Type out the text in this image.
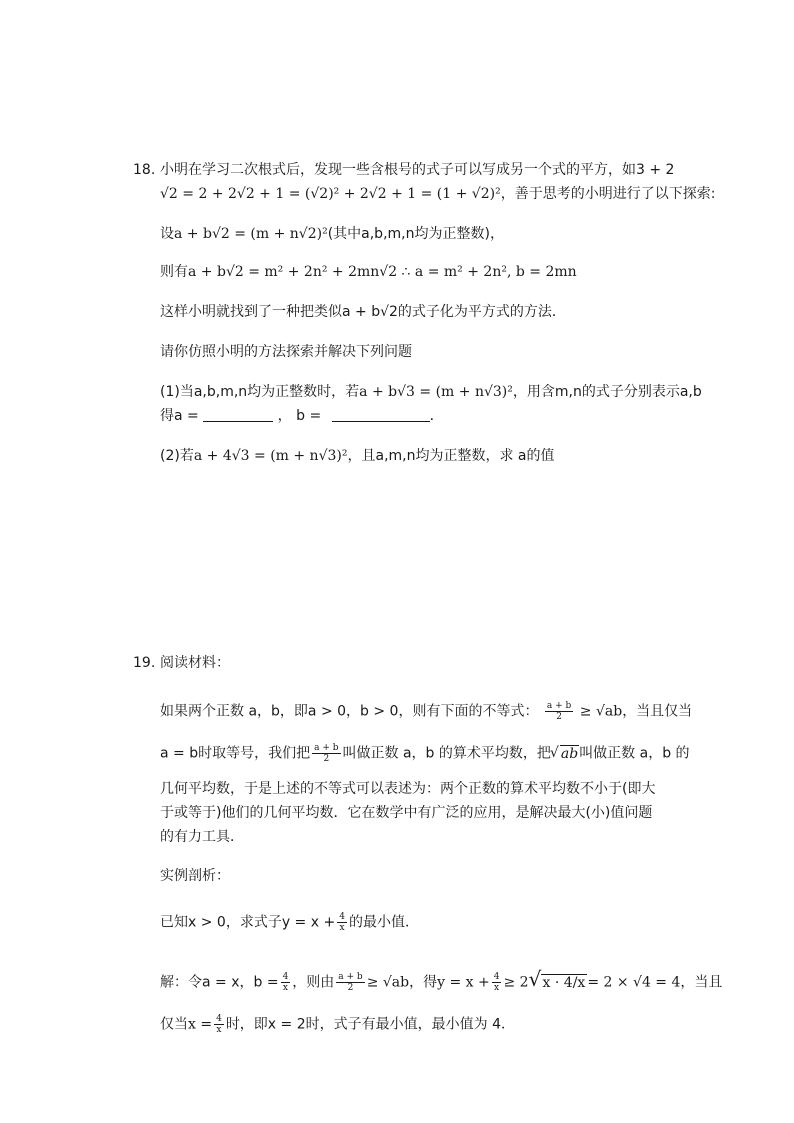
18. 小明在学习二次根式后，发现一些含根号的式子可以写成另一个式的平方，如3 + 2
√2 = 2 + 2√2 + 1 = (√2)² + 2√2 + 1 = (1 + √2)²，善于思考的小明进行了以下探索:
设a + b√2 = (m + n√2)²(其中a,b,m,n均为正整数)，
则有a + b√2 = m² + 2n² + 2mn√2 ∴ a = m² + 2n², b = 2mn
这样小明就找到了一种把类似a + b√2的式子化为平方式的方法．
请你仿照小明的方法探索并解决下列问题
(1)当a,b,m,n均为正整数时，若a + b√3 = (m + n√3)²，用含m,n的式子分别表示a,b
得a =	， b =	．
(2)若a + 4√3 = (m + n√3)²，且a,m,n均为正整数，求 a的值
19. 阅读材料：
如果两个正数 a，b，即a > 0，b > 0，则有下面的不等式： $\frac{a + b}{2} \ge √ab$，当且仅当
a = b时取等号，我们把 $\frac{a + b}{2}$ 叫做正数 a，b 的算术平均数，把√ ab叫做正数 a，b 的
几何平均数，于是上述的不等式可以表述为：两个正数的算术平均数不小于(即大
于或等于)他们的几何平均数．它在数学中有广泛的应用，是解决最大(小)值问题
的有力工具．
实例剖析：
已知x > 0，求式子$y = x + \frac{4}{x}$ 的最小值．
解：令a = x，$b = \frac{4}{x}$ ，则由 $\frac{a + b}{2} \ge √ab$，得$y = x + \frac{4}{x} \ge 2√$ x · 4/x = 2 × √4 = 4，当且
仅当$x = \frac{4}{x}$ 时，即x = 2时，式子有最小值，最小值为 4．
